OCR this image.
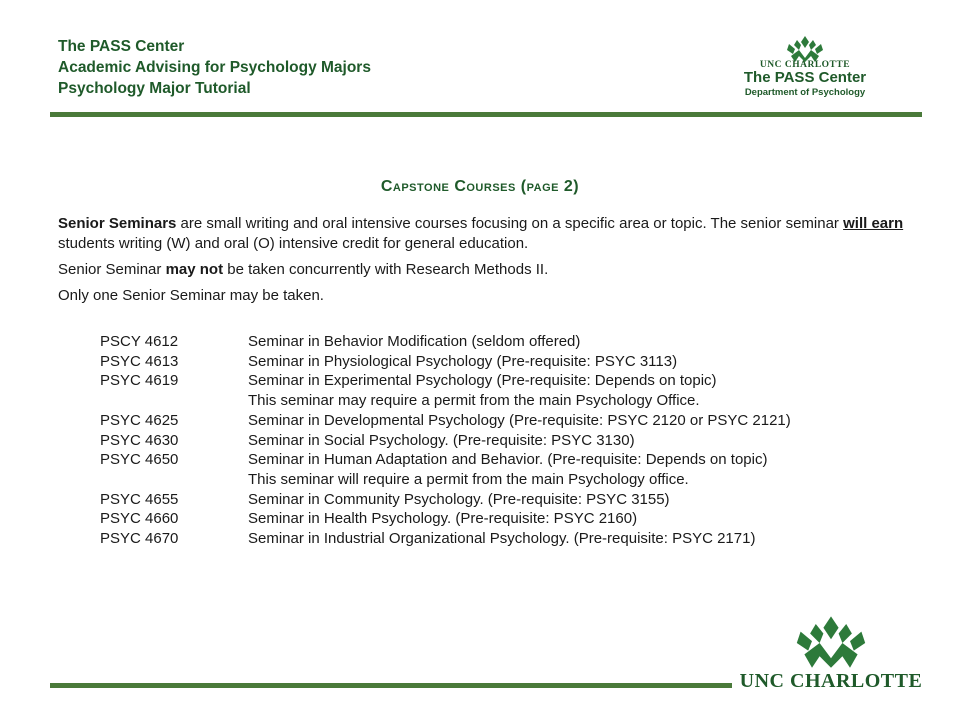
The PASS Center
Academic Advising for Psychology Majors
Psychology Major Tutorial
UNC CHARLOTTE
The PASS Center
Department of Psychology
Capstone Courses (page 2)

Senior Seminars are small writing and oral intensive courses focusing on a specific area or topic. The senior seminar will earn students writing (W) and oral (O) intensive credit for general education.

Senior Seminar may not be taken concurrently with Research Methods II.

Only one Senior Seminar may be taken.

PSCY 4612	Seminar in Behavior Modification (seldom offered)
PSYC 4613	Seminar in Physiological Psychology (Pre-requisite: PSYC 3113)
PSYC 4619	Seminar in Experimental Psychology (Pre-requisite: Depends on topic)
This seminar may require a permit from the main Psychology Office.
PSYC 4625	Seminar in Developmental Psychology (Pre-requisite: PSYC 2120 or PSYC 2121)
PSYC 4630	Seminar in Social Psychology. (Pre-requisite: PSYC 3130)
PSYC 4650	Seminar in Human Adaptation and Behavior. (Pre-requisite: Depends on topic)
This seminar will require a permit from the main Psychology office.
PSYC 4655	Seminar in Community Psychology. (Pre-requisite: PSYC 3155)
PSYC 4660	Seminar in Health Psychology. (Pre-requisite: PSYC 2160)
PSYC 4670	Seminar in Industrial Organizational Psychology. (Pre-requisite: PSYC 2171)
UNC CHARLOTTE
